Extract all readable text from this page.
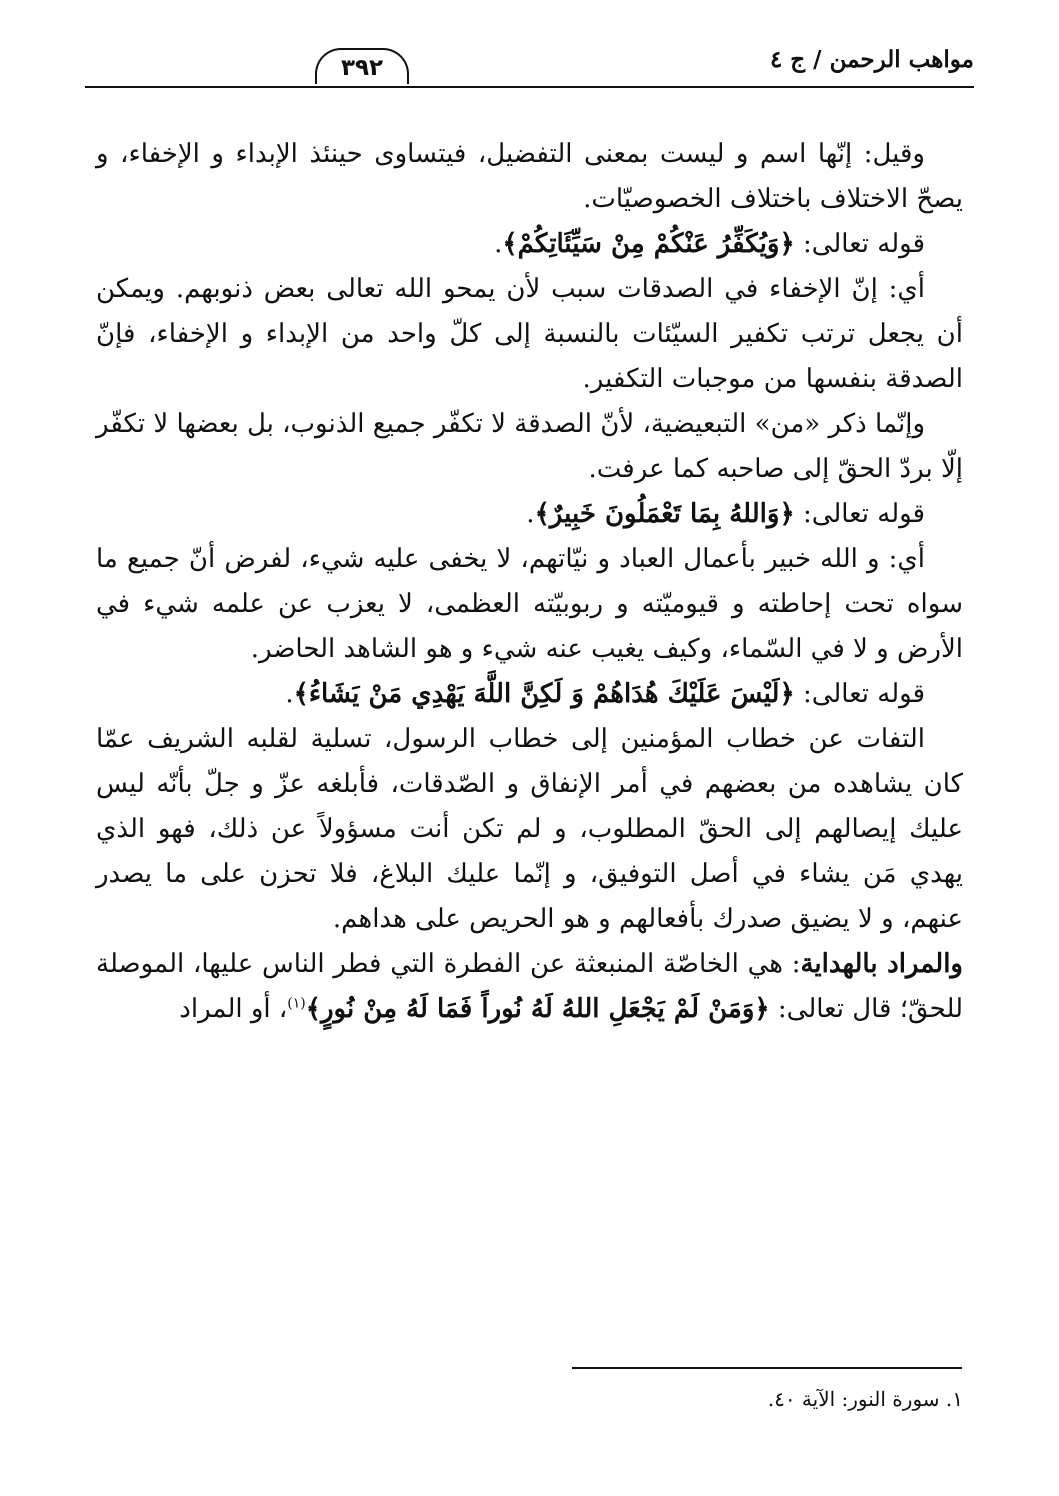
مواهب الرحمن / ج ٤
٣٩٢

وقيل: إنّها اسم و ليست بمعنى التفضيل، فيتساوى حينئذ الإبداء و الإخفاء، و يصحّ الاختلاف باختلاف الخصوصيّات.

قوله تعالى: ﴿وَيُكَفِّرُ عَنْكُمْ مِنْ سَيِّئَاتِكُمْ﴾.

أي: إنّ الإخفاء في الصدقات سبب لأن يمحو الله تعالى بعض ذنوبهم. ويمكن أن يجعل ترتب تكفير السيّئات بالنسبة إلى كلّ واحد من الإبداء و الإخفاء، فإنّ الصدقة بنفسها من موجبات التكفير.

وإنّما ذكر «من» التبعيضية، لأنّ الصدقة لا تكفّر جميع الذنوب، بل بعضها لا تكفّر إلّا بردّ الحقّ إلى صاحبه كما عرفت.

قوله تعالى: ﴿وَاللهُ بِمَا تَعْمَلُونَ خَبِيرٌ﴾.

أي: و الله خبير بأعمال العباد و نيّاتهم، لا يخفى عليه شيء، لفرض أنّ جميع ما سواه تحت إحاطته و قيوميّته و ربوبيّته العظمى، لا يعزب عن علمه شيء في الأرض و لا في السّماء، وكيف يغيب عنه شيء و هو الشاهد الحاضر.

قوله تعالى: ﴿لَيْسَ عَلَيْكَ هُدَاهُمْ وَ لَكِنَّ اللَّهَ يَهْدِي مَنْ يَشَاءُ﴾.

التفات عن خطاب المؤمنين إلى خطاب الرسول، تسلية لقلبه الشريف عمّا كان يشاهده من بعضهم في أمر الإنفاق و الصّدقات، فأبلغه عزّ و جلّ بأنّه ليس عليك إيصالهم إلى الحقّ المطلوب، و لم تكن أنت مسؤولاً عن ذلك، فهو الذي يهدي مَن يشاء في أصل التوفيق، و إنّما عليك البلاغ، فلا تحزن على ما يصدر عنهم، و لا يضيق صدرك بأفعالهم و هو الحريص على هداهم.

والمراد بالهداية: هي الخاصّة المنبعثة عن الفطرة التي فطر الناس عليها، الموصلة للحقّ؛ قال تعالى: ﴿وَمَنْ لَمْ يَجْعَلِ اللهُ لَهُ نُوراً فَمَا لَهُ مِنْ نُورٍ﴾$^{(١)}$، أو المراد

١. سورة النور: الآية ٤٠.
